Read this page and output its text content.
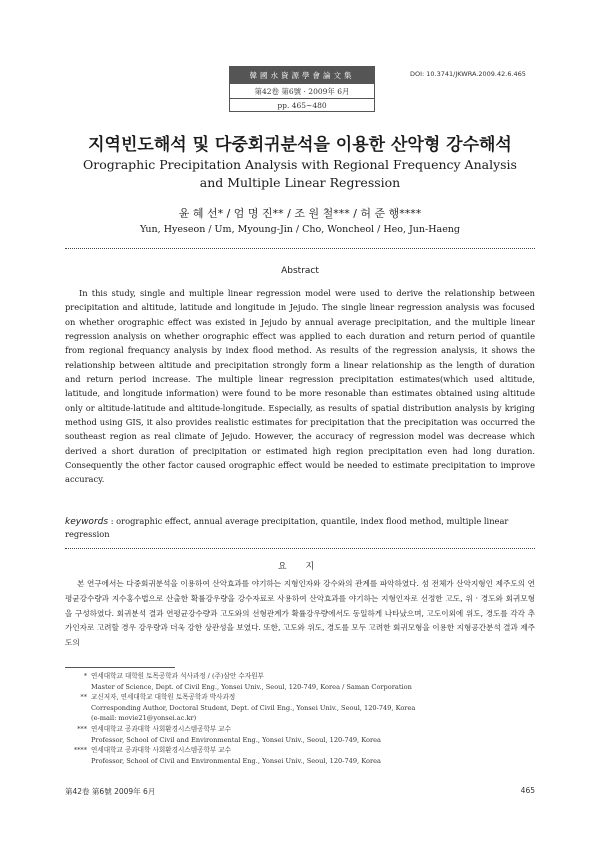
韓國水資源學會論文集
第42卷 第6號 · 2009年 6月
pp. 465~480
DOI: 10.3741/JKWRA.2009.42.6.465
지역빈도해석 및 다중회귀분석을 이용한 산악형 강수해석
Orographic Precipitation Analysis with Regional Frequency Analysis
and Multiple Linear Regression
윤 혜 선* / 엄 명 진** / 조 원 철*** / 허 준 행****
Yun, Hyeseon / Um, Myoung-Jin / Cho, Woncheol / Heo, Jun-Haeng
Abstract
In this study, single and multiple linear regression model were used to derive the relationship between precipitation and altitude, latitude and longitude in Jejudo. The single linear regression analysis was focused on whether orographic effect was existed in Jejudo by annual average precipitation, and the multiple linear regression analysis on whether orographic effect was applied to each duration and return period of quantile from regional frequancy analysis by index flood method. As results of the regression analysis, it shows the relationship between altitude and precipitation strongly form a linear relationship as the length of duration and return period increase. The multiple linear regression precipitation estimates(which used altitude, latitude, and longitude information) were found to be more resonable than estimates obtained using altitude only or altitude-latitude and altitude-longitude. Especially, as results of spatial distribution analysis by kriging method using GIS, it also provides realistic estimates for precipitation that the precipitation was occurred the southeast region as real climate of Jejudo. However, the accuracy of regression model was decrease which derived a short duration of precipitation or estimated high region precipitation even had long duration. Consequently the other factor caused orographic effect would be needed to estimate precipitation to improve accuracy.
keywords : orographic effect, annual average precipitation, quantile, index flood method, multiple linear regression
요 지
본 연구에서는 다중회귀분석을 이용하여 산악효과를 야기하는 지형인자와 강수와의 관계를 파악하였다. 섬 전체가 산악지형인 제주도의 연평균강수량과 지수홍수법으로 산출한 확률강우량을 강수자료로 사용하여 산악효과를 야기하는 지형인자로 선정한 고도, 위 · 경도와 회귀모형을 구성하였다. 회귀분석 결과 연평균강수량과 고도와의 선형관계가 확률강우량에서도 동일하게 나타났으며, 고도이외에 위도, 경도를 각각 추가인자로 고려할 경우 강우량과 더욱 강한 상관성을 보였다. 또한, 고도와 위도, 경도를 모두 고려한 회귀모형을 이용한 지형공간분석 결과 제주도의
* 연세대학교 대학원 토목공학과 석사과정 / (주)삼안 수자원부
Master of Science, Dept. of Civil Eng., Yonsei Univ., Seoul, 120-749, Korea / Saman Corporation
** 교신저자, 연세대학교 대학원 토목공학과 박사과정
Corresponding Author, Doctoral Student, Dept. of Civil Eng., Yonsei Univ., Seoul, 120-749, Korea
(e-mail: movie21@yonsei.ac.kr)
*** 연세대학교 공과대학 사회환경시스템공학부 교수
Professor, School of Civil and Environmental Eng., Yonsei Univ., Seoul, 120-749, Korea
**** 연세대학교 공과대학 사회환경시스템공학부 교수
Professor, School of Civil and Environmental Eng., Yonsei Univ., Seoul, 120-749, Korea
第42卷 第6號 2009年 6月	465
